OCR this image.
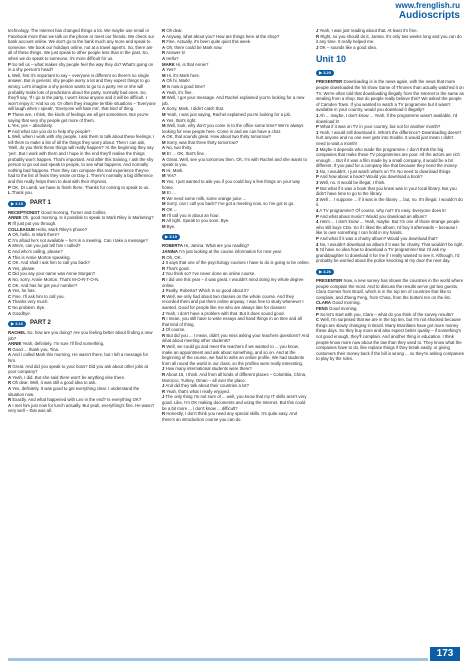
www.frenglish.ru
Audioscripts

technology. The Internet has changed things a lot. We maybe use email or Facebook more than we talk on the phone or meet our friends. We check our bank account online. We don't go to the bank much any more and speak to someone. We book our holidays online, not at a travel agent's. So, there are all of these things. We just speak to other people less than in the past. So, when we do speak to someone, it's more difficult for us.

P So tell us – what makes shy people feel the way they do? What's going on in a shy person's head?

L Well, first it's important to say – everyone is different so there's no single answer. But in general, shy people worry a lot and they expect things to go wrong. Let's imagine a shy person wants to go to a party. He or she will probably make lots of predictions about the party, normally bad ones. So, they'll say, 'If I go to the party, I won't know anyone and it will be difficult. I won't enjoy it.' And so on. Or often they imagine terrible situations – 'Everyone will laugh when I speak', 'Everyone will hate me', that kind of thing.

P These are, I think, the kinds of feelings we all get sometimes. But you're saying that very shy people get more of them.

L Yes, yes – absolutely.

P And what can you do to help shy people?

L Well, when I work with shy people, I ask them to talk about these feelings. I tell them to make a list of all the things they worry about. Then I can ask, 'Well, do you think these things will really happen?' At the beginning they say 'yes'. But I work with them and I hope in the end they'll realise the things probably won't happen. That's important. And after this training, I ask the shy person to go out and speak to people, to see what happens. And normally nothing bad happens. Then they can compare this real experience they've had to the list of fears they wrote on Day 1. There's normally a big difference and this really helps them to deal with their shyness.

P OK, Dr Lamb, we have to finish there. Thanks for coming to speak to us.

L Thank you.

▶ 3.15 PART 1

RECEPTIONIST Good morning, Turner and Collins.

ANNIE Oh, good morning. Is it possible to speak to Mark Riley in Marketing?

R I'll just put you through.

COLLEAGUE Hello, Mark Riley's phone?

A Oh, hello. Is Mark there?

C I'm afraid he's not available – he's in a meeting. Can I take a message?

A Mmm, can you just tell him I called?

C And who's calling, please?

A This is Annie Morton speaking.

C OK. And shall I ask him to call you back?

A Yes, please.

C Did you say your name was Annie Morgan?

A No, sorry. Annie Morton. That's M-O-R-T-O-N.

C OK. And has he got your number?

A Yes, he has.

C Fine. I'll ask him to call you.

A Thanks very much.

C No problem. Bye.

A Goodbye.

▶ 3.16 PART 2

RACHEL So, how are you doing? Are you feeling better about finding a new job?

ANNIE Yeah, definitely. I'm sure I'll find something.

R Good ... thank you, Tina.

A And I called Mark this morning. He wasn't there, but I left a message for him.

R Great. And did you speak to your boss? Did you ask about other jobs at your company?

A Yeah, I did. But she said there won't be anything else there.

R Oh dear. Well, it was still a good idea to ask.

A Yes, definitely. It was good to get everything clear. I understand the situation now.

R Exactly. And what happened with Leo in the end? Is everything OK?

A I met him just now for lunch actually. But yeah, everything's fine. He wasn't very well – that was all.

R Oh dear.

A Anyway, what about you? How are things here at the shop?

R Fine. Actually, it's been quite quiet this week.

A Oh, there could be Mark now.

R Answer it!

A Hello?

MARK Hi, is that Annie?

A Yes?

M Hi, it's Mark here.

A Oh hi, Mark!

M Is now a good time?

A Yeah, it's fine.

M Well, I got your message. And Rachel explained you're looking for a new job.

A Sorry, Mark, I didn't catch that.

M Yeah, I was just saying, Rachel explained you're looking for a job.

A Yes, that's right.

M Well, look, why don't you come in to the office some time? We're always looking for new people here. Come in and we can have a chat.

A OK, that sounds great. How about two thirty tomorrow?

M Sorry, was that three thirty tomorrow?

A No, two thirty.

M Er ... OK, that's fine.

A Great. Well, see you tomorrow then. Oh, I'm with Rachel and she wants to speak to you.

R Hi, Mark.

M Yes?

R Yes, I just wanted to ask you if you could buy a few things on your way home.

M Er ...

R We need some milk, some orange juice ...

M Sorry, can I call you back? I've got a meeting now, so I've got to go.

R OK ...

M I'll call you in about an hour.

R All right. Speak to you soon. Bye.

M Bye.

▶ 3.19

ROBERTA Hi, Janina. What are you reading?

JANINA I'm just looking at the course information for next year.

R Oh, OK.

J It says that one of the psychology courses I have to do is going to be online.

R That's good.

J You think so? I've never done an online course.

R I did one this year – it was great. I wouldn't mind doing my whole degree online.

J Really, Roberta? Which is so good about it?

R Well, we only had about two classes on the whole course. And they recorded them and put them online anyway. I was free to study whenever I wanted. Good for people like me who are always late for classes!

J Yeah, I don't have a problem with that. But it does sound good.

R I mean, you still have to write essays and hand things in on time and all that kind of thing.

J Of course.

R But did you ... I mean, didn't you miss asking your teachers questions? And what about meeting other students?

R Well, we could go and meet the teachers if we wanted to ... you know, make an appointment and ask about something, and so on. And at the beginning of the course, we had to write an online profile. We had students from all round the world in our class, so the profiles were really interesting.

J How many international students were there?

R About 15, I think. And from all kinds of different places – Colombia, China, Morocco, Turkey, Oman – all over the place.

J And did they talk about their countries a lot?

R Yeah, that's what I really enjoyed.

J The only thing I'm not sure of ... well, you know that my IT skills aren't very good. Like, I'm OK making documents and using the Internet. But this could be a bit more ... I don't know ... difficult?

R Honestly, I don't think you need any special skills. It's quite easy. And there's an introduction course you can do.

J Yeah, I was just reading about that. At least it's free.

R Right, so you should do it, Janina. It's only two weeks long and you can do it any time. It really helped me.

J OK – sounds like a good idea.

Unit 10
▶ 3.20

PRESENTER Downloading is in the news again, with the news that more people downloaded the hit show Game of Thrones than actually watched it on TV. We're often told that downloading illegally from the Internet is the same as stealing from a shop. But do people really believe this? We asked the people of Camden Town. If you wanted to watch a TV programme but it wasn't available in your country, would you download it illegally?

1 Ah ... maybe, I don't know ... Yeah, if the programme wasn't available, I'd download it!

P What if it was on TV in your country, but not for another month?

1 Yeah, I would still download it. What's the difference? Downloading doesn't hurt anyone and no one ever gets into trouble. It would just mean I didn't need to wait a month!

2 Maybe it depends who made the programme. I don't think the big companies that make these TV programmes are poor. All the actors are rich enough ... But if it was a film made by a small company, it would be a bit different. If you paid for a company like that because they need the money.

3 No, I wouldn't. I just watch what's on TV. No need to download things.

P And how about a book? Would you download a book?

3 Well, no. It would be illegal, I think.

P But what if it was a book that you knew was in your local library. But you didn't have time to go to the library.

3 Well ... I suppose ... if it was in the library ... but, no. It's illegal. I wouldn't do it.

4 A TV programme? Of course, why not? It's easy. Everyone does it!

P And what about music? Would you download an album?

4 Hmm ... I don't know ... Yeah, maybe. But I'm one of those strange people who still buys CDs. So if I liked the album, I'd buy it afterwards – because I like to own something I can hold in my hands.

P And what if it was a charity album? Would you download that?

4 No, I wouldn't download an album if it was for charity. That wouldn't be right.

5 I'd have no idea how to download a TV programme! But I'd ask my granddaughter to download it for me if I really wanted to see it. Although, I'd probably be worried about the police knocking at my door the next day.

▶ 3.26

PRESENTER Now, a new survey has shown the countries in the world where people complain the most. And to discuss the results we've got two guests, Clara Gomes from Brazil, which is in the top ten of countries that like to complain, and Zheng Feng, from China, from the bottom ten on the list.

CLARA Good morning.

FENG Good morning.

P So let's start with you, Clara – what do you think of the survey results?

C Well, I'm surprised that we are in the top ten, but I'm not shocked because things are slowly changing in Brazil. Many Brazilians have got more money these days. So they buy more and also expect better quality – if something's not good enough, they'll complain. And another thing is education. I think people know more now about the law than they used to. They know what the companies have to do, like replace things if they break easily, or giving customers their money back if the bill is wrong ... so they're asking companies to play by the rules.

173
